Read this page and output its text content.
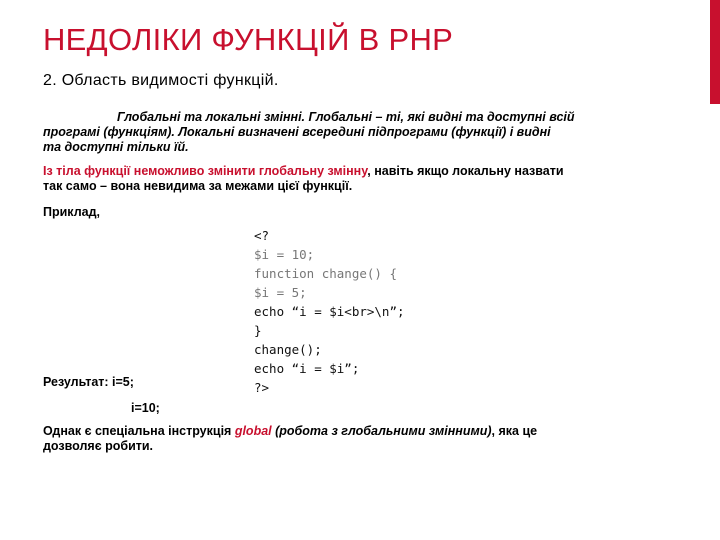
НЕДОЛІКИ ФУНКЦІЙ В PHP

2. Область видимості функцій.

Глобальні та локальні змінні. Глобальні – ті, які видні та доступні всій
програмі (функціям). Локальні визначені всередині підпрограми (функції) і видні
та доступні тільки їй.
Із тіла функції неможливо змінити глобальну змінну, навіть якщо локальну назвати
так само – вона невидима за межами цієї функції.

Приклад,

<?
$i = 10;
function change() {
$i = 5;
echo “i = $i<br>\n”;
}
change();
echo “i = $i”;
?>

Результат: i=5;

i=10;

Однак є спеціальна інструкція global (робота з глобальними змінними), яка це
дозволяє робити.
